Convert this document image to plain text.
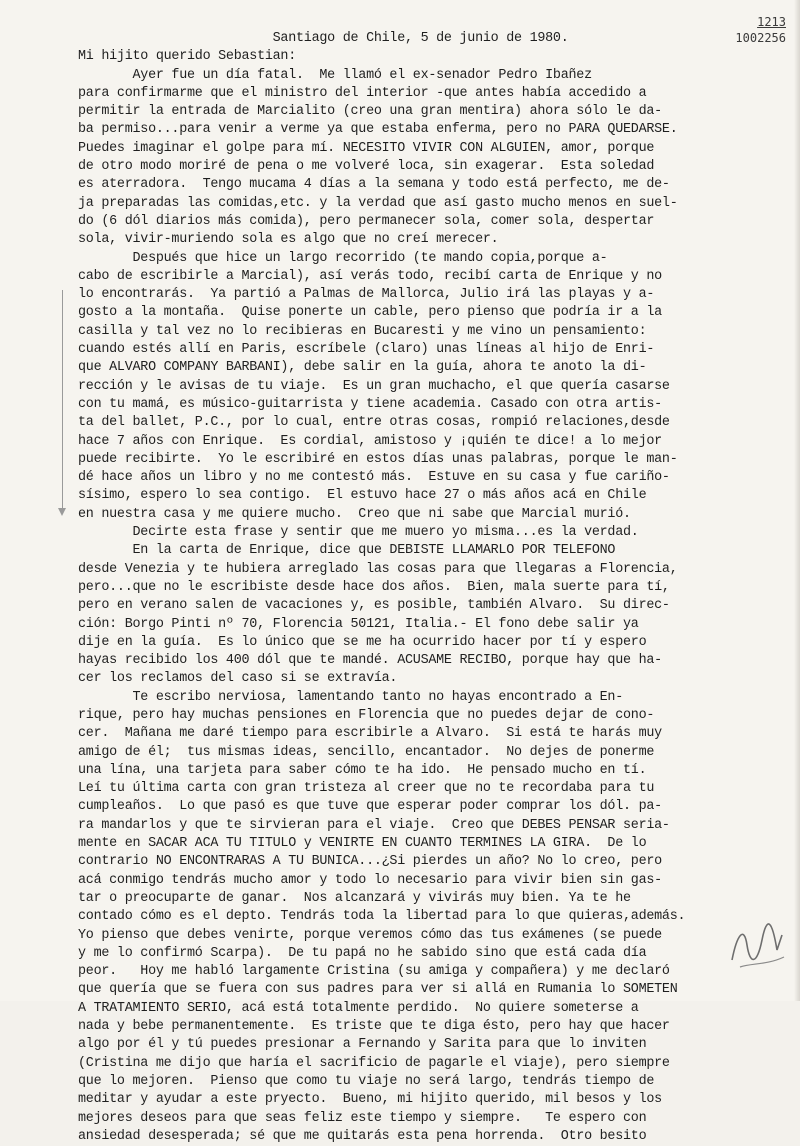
1213
1002256
Santiago de Chile, 5 de junio de 1980.
Mi hijito querido Sebastian:
Ayer fue un día fatal.  Me llamó el ex-senador Pedro Ibañez
para confirmarme que el ministro del interior -que antes había accedido a
permitir la entrada de Marcialito (creo una gran mentira) ahora sólo le da-
ba permiso...para venir a verme ya que estaba enferma, pero no PARA QUEDARSE.
Puedes imaginar el golpe para mí. NECESITO VIVIR CON ALGUIEN, amor, porque
de otro modo moriré de pena o me volveré loca, sin exagerar.  Esta soledad
es aterradora.  Tengo mucama 4 días a la semana y todo está perfecto, me de-
ja preparadas las comidas,etc. y la verdad que así gasto mucho menos en suel-
do (6 dól diarios más comida), pero permanecer sola, comer sola, despertar
sola, vivir-muriendo sola es algo que no creí merecer.
Después que hice un largo recorrido (te mando copia,porque a-
cabo de escribirle a Marcial), así verás todo, recibí carta de Enrique y no
lo encontrarás.  Ya partió a Palmas de Mallorca, Julio irá las playas y a-
gosto a la montaña.  Quise ponerte un cable, pero pienso que podría ir a la
casilla y tal vez no lo recibieras en Bucaresti y me vino un pensamiento:
cuando estés allí en Paris, escríbele (claro) unas líneas al hijo de Enri-
que ALVARO COMPANY BARBANI), debe salir en la guía, ahora te anoto la di-
rección y le avisas de tu viaje.  Es un gran muchacho, el que quería casarse
con tu mamá, es músico-guitarrista y tiene academia. Casado con otra artis-
ta del ballet, P.C., por lo cual, entre otras cosas, rompió relaciones,desde
hace 7 años con Enrique.  Es cordial, amistoso y ¡quién te dice! a lo mejor
puede recibirte.  Yo le escribiré en estos días unas palabras, porque le man-
dé hace años un libro y no me contestó más.  Estuve en su casa y fue cariño-
sísimo, espero lo sea contigo.  El estuvo hace 27 o más años acá en Chile
en nuestra casa y me quiere mucho.  Creo que ni sabe que Marcial murió.
Decirte esta frase y sentir que me muero yo misma...es la verdad.
En la carta de Enrique, dice que DEBISTE LLAMARLO POR TELEFONO
desde Venezia y te hubiera arreglado las cosas para que llegaras a Florencia,
pero...que no le escribiste desde hace dos años.  Bien, mala suerte para tí,
pero en verano salen de vacaciones y, es posible, también Alvaro.  Su direc-
ción: Borgo Pinti nº 70, Florencia 50121, Italia.- El fono debe salir ya
dije en la guía.  Es lo único que se me ha ocurrido hacer por tí y espero
hayas recibido los 400 dól que te mandé. ACUSAME RECIBO, porque hay que ha-
cer los reclamos del caso si se extravía.
Te escribo nerviosa, lamentando tanto no hayas encontrado a En-
rique, pero hay muchas pensiones en Florencia que no puedes dejar de cono-
cer.  Mañana me daré tiempo para escribirle a Alvaro.  Si está te harás muy
amigo de él;  tus mismas ideas, sencillo, encantador.  No dejes de ponerme
una lína, una tarjeta para saber cómo te ha ido.  He pensado mucho en tí.
Leí tu última carta con gran tristeza al creer que no te recordaba para tu
cumpleaños.  Lo que pasó es que tuve que esperar poder comprar los dól. pa-
ra mandarlos y que te sirvieran para el viaje.  Creo que DEBES PENSAR seria-
mente en SACAR ACA TU TITULO y VENIRTE EN CUANTO TERMINES LA GIRA.  De lo
contrario NO ENCONTRARAS A TU BUNICA...¿Si pierdes un año? No lo creo, pero
acá conmigo tendrás mucho amor y todo lo necesario para vivir bien sin gas-
tar o preocuparte de ganar.  Nos alcanzará y vivirás muy bien. Ya te he
contado cómo es el depto. Tendrás toda la libertad para lo que quieras,además.
Yo pienso que debes venirte, porque veremos cómo das tus exámenes (se puede
y me lo confirmó Scarpa).  De tu papá no he sabido sino que está cada día
peor.   Hoy me habló largamente Cristina (su amiga y compañera) y me declaró
que quería que se fuera con sus padres para ver si allá en Rumania lo SOMETEN
A TRATAMIENTO SERIO, acá está totalmente perdido.  No quiere someterse a
nada y bebe permanentemente.  Es triste que te diga ésto, pero hay que hacer
algo por él y tú puedes presionar a Fernando y Sarita para que lo inviten
(Cristina me dijo que haría el sacrificio de pagarle el viaje), pero siempre
que lo mejoren.  Pienso que como tu viaje no será largo, tendrás tiempo de
meditar y ayudar a este pryecto.  Bueno, mi hijito querido, mil besos y los
mejores deseos para que seas feliz este tiempo y siempre.   Te espero con
ansiedad desesperada; sé que me quitarás esta pena horrenda.  Otro besito
